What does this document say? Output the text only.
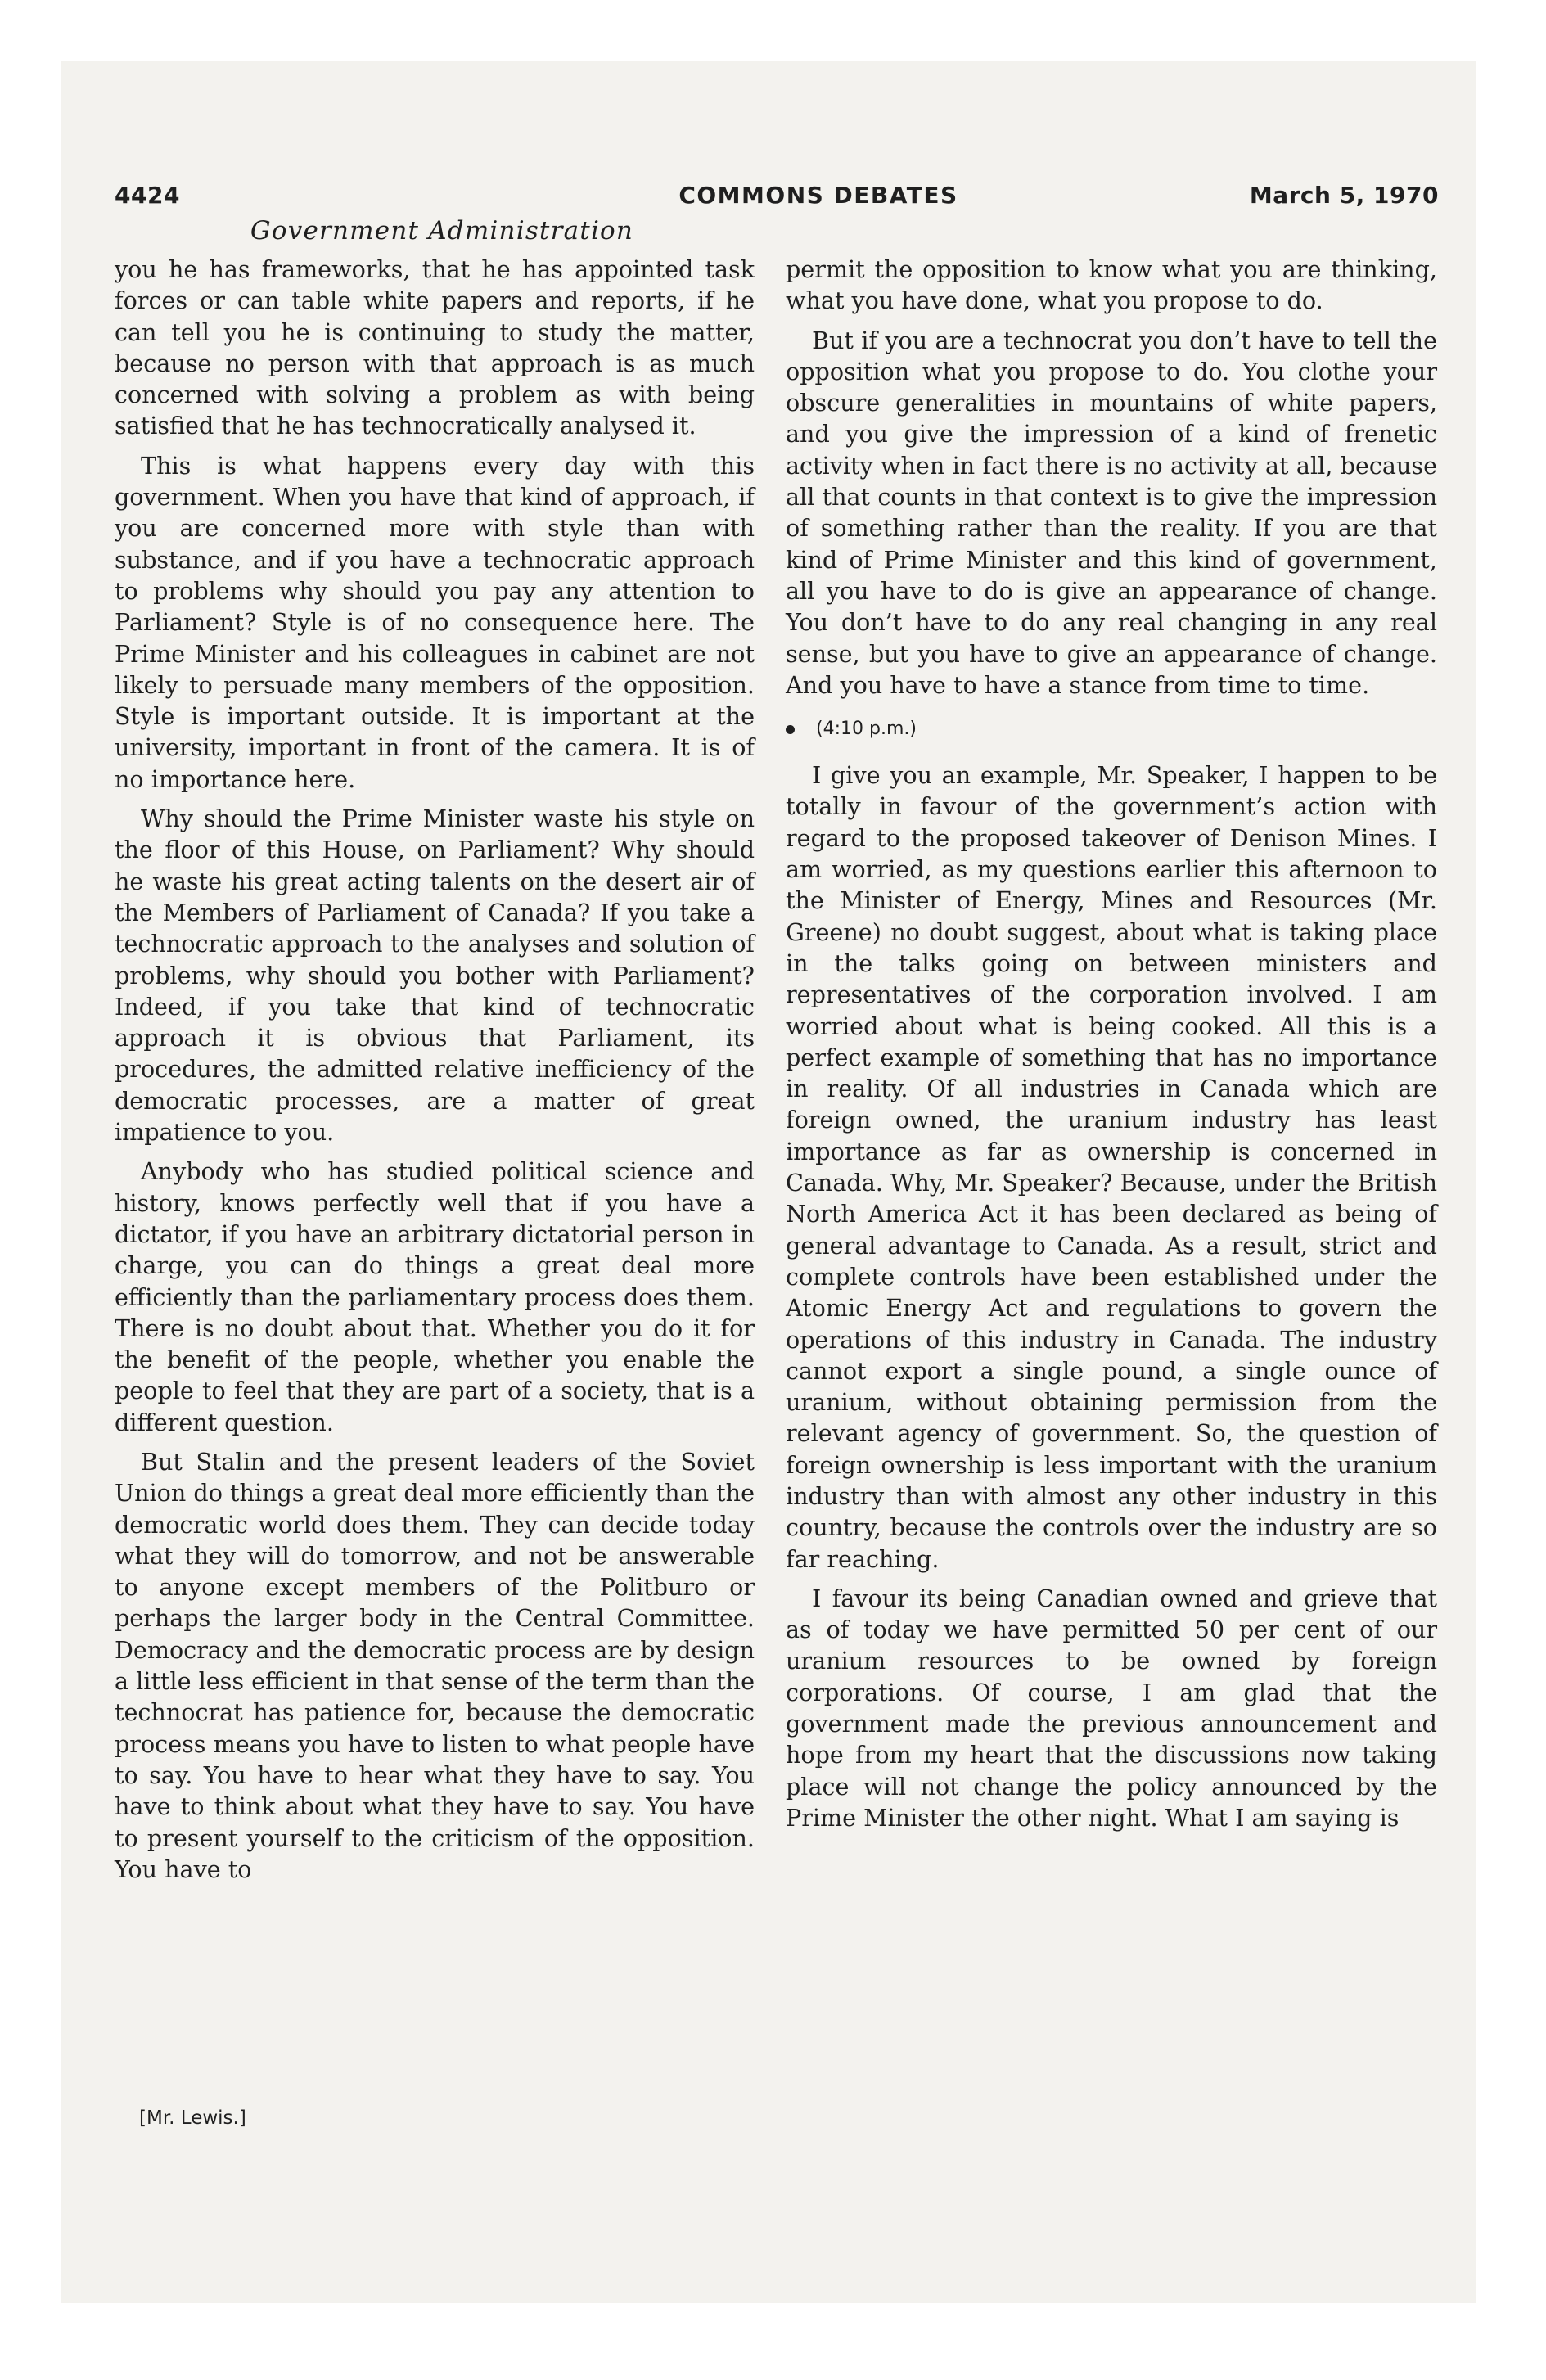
4424	COMMONS DEBATES	March 5, 1970
Government Administration

you he has frameworks, that he has appointed task forces or can table white papers and reports, if he can tell you he is continuing to study the matter, because no person with that approach is as much concerned with solving a problem as with being satisfied that he has technocratically analysed it.

This is what happens every day with this government. When you have that kind of approach, if you are concerned more with style than with substance, and if you have a technocratic approach to problems why should you pay any attention to Parliament? Style is of no consequence here. The Prime Minister and his colleagues in cabinet are not likely to persuade many members of the opposition. Style is important outside. It is important at the university, important in front of the camera. It is of no importance here.

Why should the Prime Minister waste his style on the floor of this House, on Parliament? Why should he waste his great acting talents on the desert air of the Members of Parliament of Canada? If you take a technocratic approach to the analyses and solution of problems, why should you bother with Parliament? Indeed, if you take that kind of technocratic approach it is obvious that Parliament, its procedures, the admitted relative inefficiency of the democratic processes, are a matter of great impatience to you.

Anybody who has studied political science and history, knows perfectly well that if you have a dictator, if you have an arbitrary dictatorial person in charge, you can do things a great deal more efficiently than the parliamentary process does them. There is no doubt about that. Whether you do it for the benefit of the people, whether you enable the people to feel that they are part of a society, that is a different question.

But Stalin and the present leaders of the Soviet Union do things a great deal more efficiently than the democratic world does them. They can decide today what they will do tomorrow, and not be answerable to anyone except members of the Politburo or perhaps the larger body in the Central Committee. Democracy and the democratic process are by design a little less efficient in that sense of the term than the technocrat has patience for, because the democratic process means you have to listen to what people have to say. You have to hear what they have to say. You have to think about what they have to say. You have to present yourself to the criticism of the opposition. You have to

[Mr. Lewis.]

permit the opposition to know what you are thinking, what you have done, what you propose to do.

But if you are a technocrat you don’t have to tell the opposition what you propose to do. You clothe your obscure generalities in mountains of white papers, and you give the impression of a kind of frenetic activity when in fact there is no activity at all, because all that counts in that context is to give the impression of something rather than the reality. If you are that kind of Prime Minister and this kind of government, all you have to do is give an appearance of change. You don’t have to do any real changing in any real sense, but you have to give an appearance of change. And you have to have a stance from time to time.

(4:10 p.m.)

I give you an example, Mr. Speaker, I happen to be totally in favour of the government’s action with regard to the proposed takeover of Denison Mines. I am worried, as my questions earlier this afternoon to the Minister of Energy, Mines and Resources (Mr. Greene) no doubt suggest, about what is taking place in the talks going on between ministers and representatives of the corporation involved. I am worried about what is being cooked. All this is a perfect example of something that has no importance in reality. Of all industries in Canada which are foreign owned, the uranium industry has least importance as far as ownership is concerned in Canada. Why, Mr. Speaker? Because, under the British North America Act it has been declared as being of general advantage to Canada. As a result, strict and complete controls have been established under the Atomic Energy Act and regulations to govern the operations of this industry in Canada. The industry cannot export a single pound, a single ounce of uranium, without obtaining permission from the relevant agency of government. So, the question of foreign ownership is less important with the uranium industry than with almost any other industry in this country, because the controls over the industry are so far reaching.

I favour its being Canadian owned and grieve that as of today we have permitted 50 per cent of our uranium resources to be owned by foreign corporations. Of course, I am glad that the government made the previous announcement and hope from my heart that the discussions now taking place will not change the policy announced by the Prime Minister the other night. What I am saying is
